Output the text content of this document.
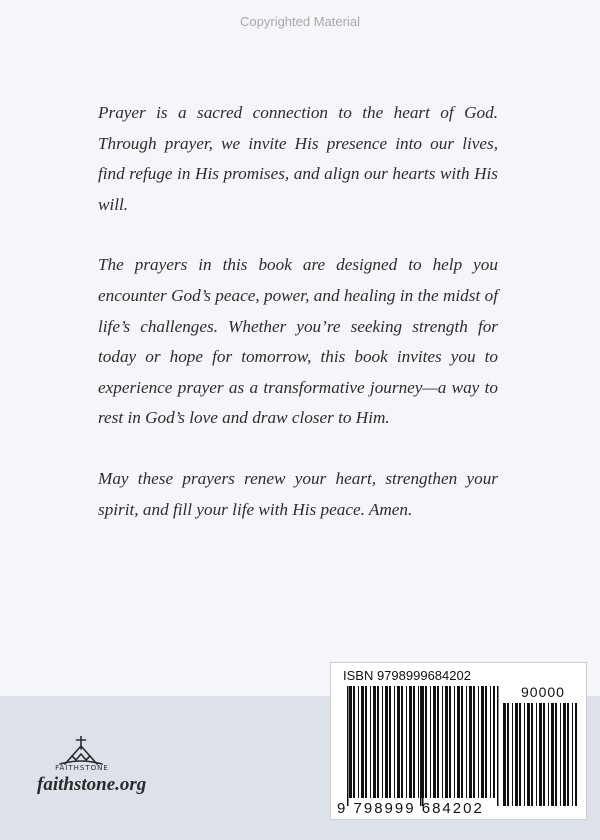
Copyrighted Material

Prayer is a sacred connection to the heart of God. Through prayer, we invite His presence into our lives, find refuge in His promises, and align our hearts with His will.

The prayers in this book are designed to help you encounter God’s peace, power, and healing in the midst of life’s challenges. Whether you’re seeking strength for today or hope for tomorrow, this book invites you to experience prayer as a transformative journey—a way to rest in God’s love and draw closer to Him.

May these prayers renew your heart, strengthen your spirit, and fill your life with His peace. Amen.

FAITHSTONE
faithstone.org
ISBN 9798999684202
90000
9 798999 684202
